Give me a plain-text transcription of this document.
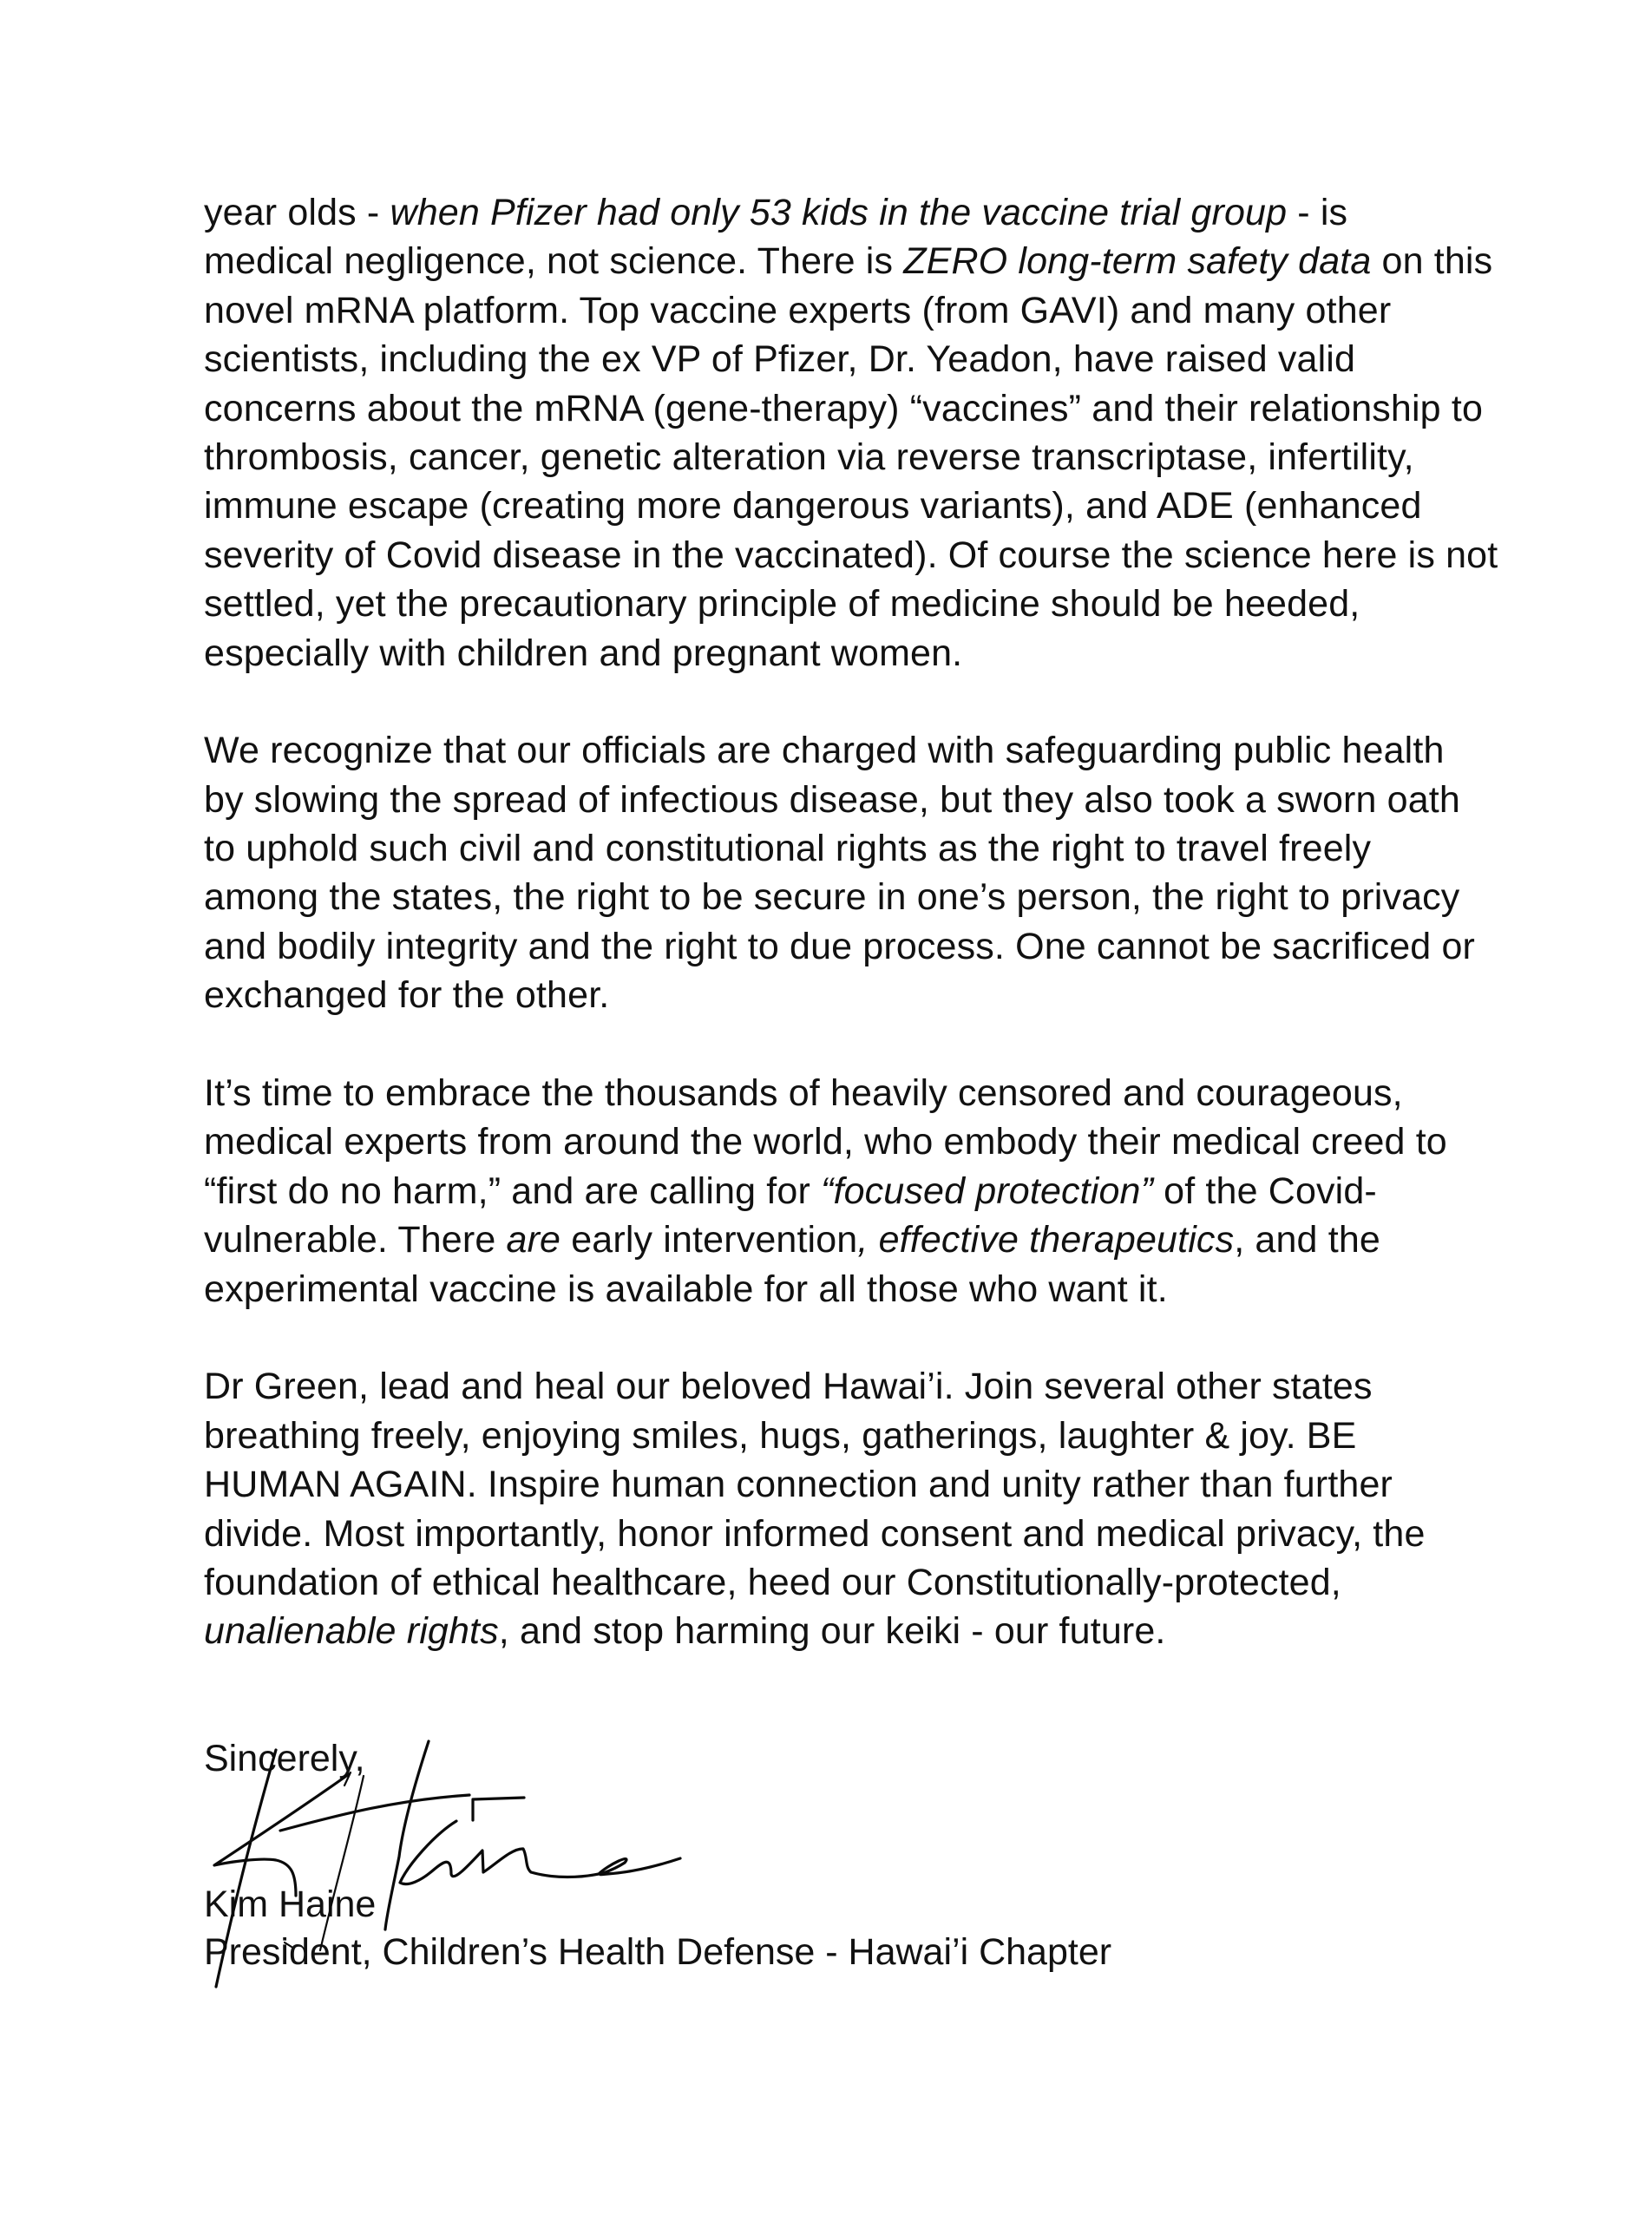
year olds - when Pfizer had only 53 kids in the vaccine trial group - is
medical negligence, not science. There is ZERO long-term safety data on this
novel mRNA platform. Top vaccine experts (from GAVI) and many other
scientists, including the ex VP of Pfizer, Dr. Yeadon, have raised valid
concerns about the mRNA (gene-therapy) “vaccines” and their relationship to
thrombosis, cancer, genetic alteration via reverse transcriptase, infertility,
immune escape (creating more dangerous variants), and ADE (enhanced
severity of Covid disease in the vaccinated). Of course the science here is not
settled, yet the precautionary principle of medicine should be heeded,
especially with children and pregnant women.
We recognize that our officials are charged with safeguarding public health
by slowing the spread of infectious disease, but they also took a sworn oath
to uphold such civil and constitutional rights as the right to travel freely
among the states, the right to be secure in one’s person, the right to privacy
and bodily integrity and the right to due process. One cannot be sacrificed or
exchanged for the other.
It’s time to embrace the thousands of heavily censored and courageous,
medical experts from around the world, who embody their medical creed to
“first do no harm,” and are calling for “focused protection” of the Covid-
vulnerable. There are early intervention, effective therapeutics, and the
experimental vaccine is available for all those who want it.
Dr Green, lead and heal our beloved Hawai’i. Join several other states
breathing freely, enjoying smiles, hugs, gatherings, laughter & joy. BE
HUMAN AGAIN. Inspire human connection and unity rather than further
divide. Most importantly, honor informed consent and medical privacy, the
foundation of ethical healthcare, heed our Constitutionally-protected,
unalienable rights, and stop harming our keiki - our future.
Sincerely,
Kim Haine
President, Children’s Health Defense - Hawai’i Chapter
